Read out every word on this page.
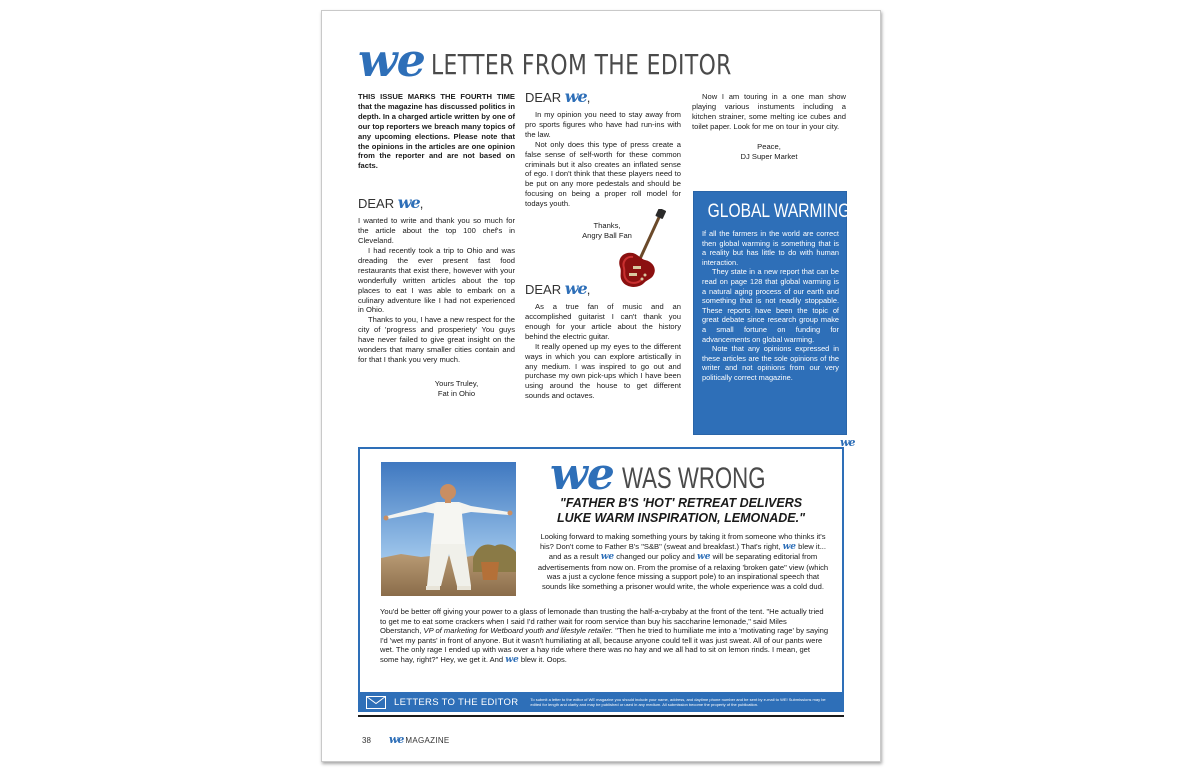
we LETTER FROM THE EDITOR

THIS ISSUE MARKS THE FOURTH TIME that the magazine has discussed politics in depth. In a charged article written by one of our top reporters we breach many topics of any upcoming elections. Please note that the opinions in the articles are one opinion from the reporter and are not based on facts.

DEAR we,

I wanted to write and thank you so much for the article about the top 100 chef's in Cleveland.

I had recently took a trip to Ohio and was dreading the ever present fast food restaurants that exist there, however with your wonderfully written articles about the top places to eat I was able to embark on a culinary adventure like I had not experienced in Ohio.

Thanks to you, I have a new respect for the city of 'progress and prosperiety' You guys have never failed to give great insight on the wonders that many smaller cities contain and for that I thank you very much.

Yours Truley,
Fat in Ohio
DEAR we,

In my opinion you need to stay away from pro sports figures who have had run-ins with the law.

Not only does this type of press create a false sense of self-worth for these common criminals but it also creates an inflated sense of ego. I don't think that these players need to be put on any more pedestals and should be focusing on being a proper roll model for todays youth.

Thanks,
Angry Ball Fan
DEAR we,

As a true fan of music and an accomplished guitarist I can't thank you enough for your article about the history behind the electric guitar.

It really opened up my eyes to the different ways in which you can explore artistically in any medium. I was inspired to go out and purchase my own pick-ups which I have been using around the house to get different sounds and octaves.

Now I am touring in a one man show playing various instuments including a kitchen strainer, some melting ice cubes and toilet paper. Look for me on tour in your city.

Peace,
DJ Super Market
GLOBAL WARMING

If all the farmers in the world are correct then global warming is something that is a reality but has little to do with human interaction.

They state in a new report that can be read on page 128 that global warming is a natural aging process of our earth and something that is not readily stoppable. These reports have been the topic of great debate since research group make a small fortune on funding for advancements on global warming.

Note that any opinions expressed in these articles are the sole opinions of the writer and not opinions from our very politically correct magazine.

we
we WAS WRONG
"FATHER B'S 'HOT' RETREAT DELIVERS
LUKE WARM INSPIRATION, LEMONADE."
Looking forward to making something yours by taking it from someone who thinks it's his? Don't come to Father B's "S&B" (sweat and breakfast.) That's right, we blew it... and as a result we changed our policy and we will be separating editorial from advertisements from now on. From the promise of a relaxing 'broken gate" view (which was a just a cyclone fence missing a support pole) to an inspirational speech that sounds like something a prisoner would write, the whole experience was a cold dud.
You'd be better off giving your power to a glass of lemonade than trusting the half-a-crybaby at the front of the tent. "He actually tried to get me to eat some crackers when I said I'd rather wait for room service than buy his saccharine lemonade," said Miles Oberstanch, VP of marketing for Wetboard youth and lifestyle retailer. "Then he tried to humiliate me into a 'motivating rage' by saying I'd 'wet my pants' in front of anyone. But it wasn't humiliating at all, because anyone could tell it was just sweat. All of our pants were wet. The only rage I ended up with was over a hay ride where there was no hay and we all had to sit on lemon rinds. I mean, get some hay, right?" Hey, we get it. And we blew it. Oops.
LETTERS TO THE EDITOR	To submit a letter to the editor of WE magazine you should include your name, address, and daytime phone number and be sent by e-mail to WE! Submissions may be edited for length and clarity and may be published or used in any medium. All submission become the property of the publication.
38 we MAGAZINE
